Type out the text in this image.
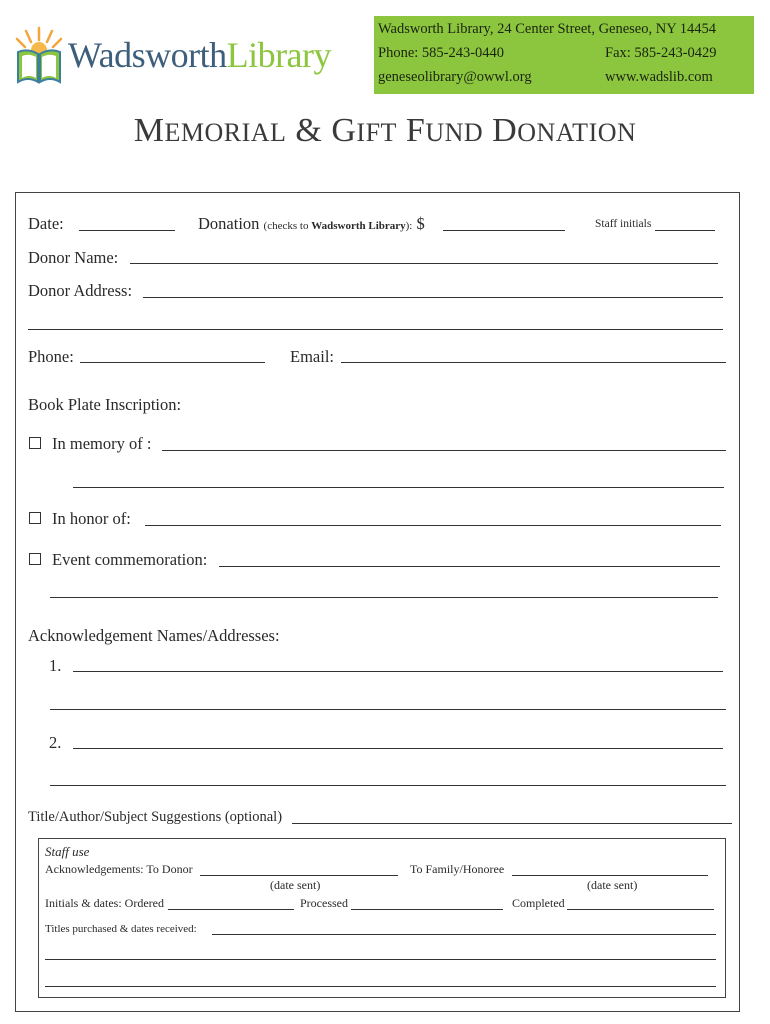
WadsworthLibrary
Wadsworth Library, 24 Center Street, Geneseo, NY 14454
Phone: 585-243-0440	Fax: 585-243-0429
geneseolibrary@owwl.org	www.wadslib.com
MEMORIAL & GIFT FUND DONATION
Date:	Donation (checks to Wadsworth Library): $	Staff initials
Donor Name:
Donor Address:
Phone:	Email:
Book Plate Inscription:
In memory of :
In honor of:
Event commemoration:
Acknowledgement Names/Addresses:
1.
2.
Title/Author/Subject Suggestions (optional)
Staff use
Acknowledgements: To Donor	To Family/Honoree
(date sent)	(date sent)
Initials & dates: Ordered	Processed	Completed
Titles purchased & dates received:
